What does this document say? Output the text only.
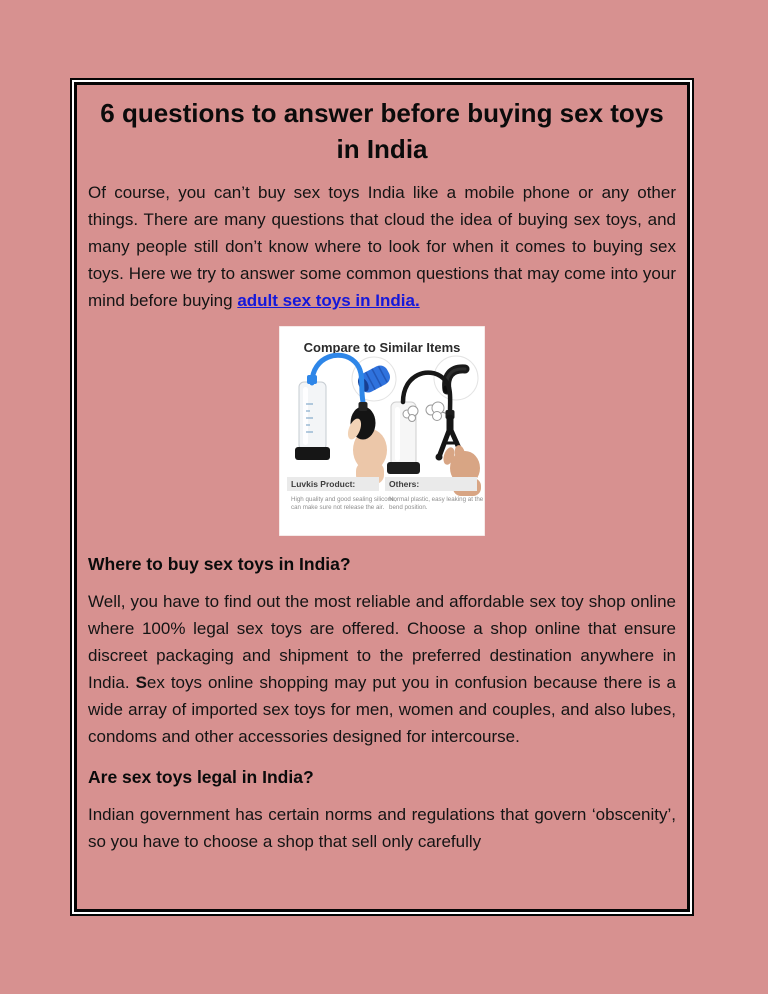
6 questions to answer before buying sex toys in India

Of course, you can’t buy sex toys India like a mobile phone or any other things. There are many questions that cloud the idea of buying sex toys, and many people still don’t know where to look for when it comes to buying sex toys. Here we try to answer some common questions that may come into your mind before buying adult sex toys in India.

Compare to Similar Items
Luvkis Product:	Others:
High quality and good sealing silicone,
can make sure not release the air.
Normal plastic, easy leaking at the
bend position.
Where to buy sex toys in India?

Well, you have to find out the most reliable and affordable sex toy shop online where 100% legal sex toys are offered. Choose a shop online that ensure discreet packaging and shipment to the preferred destination anywhere in India. Sex toys online shopping may put you in confusion because there is a wide array of imported sex toys for men, women and couples, and also lubes, condoms and other accessories designed for intercourse.

Are sex toys legal in India?

Indian government has certain norms and regulations that govern ‘obscenity’, so you have to choose a shop that sell only carefully
